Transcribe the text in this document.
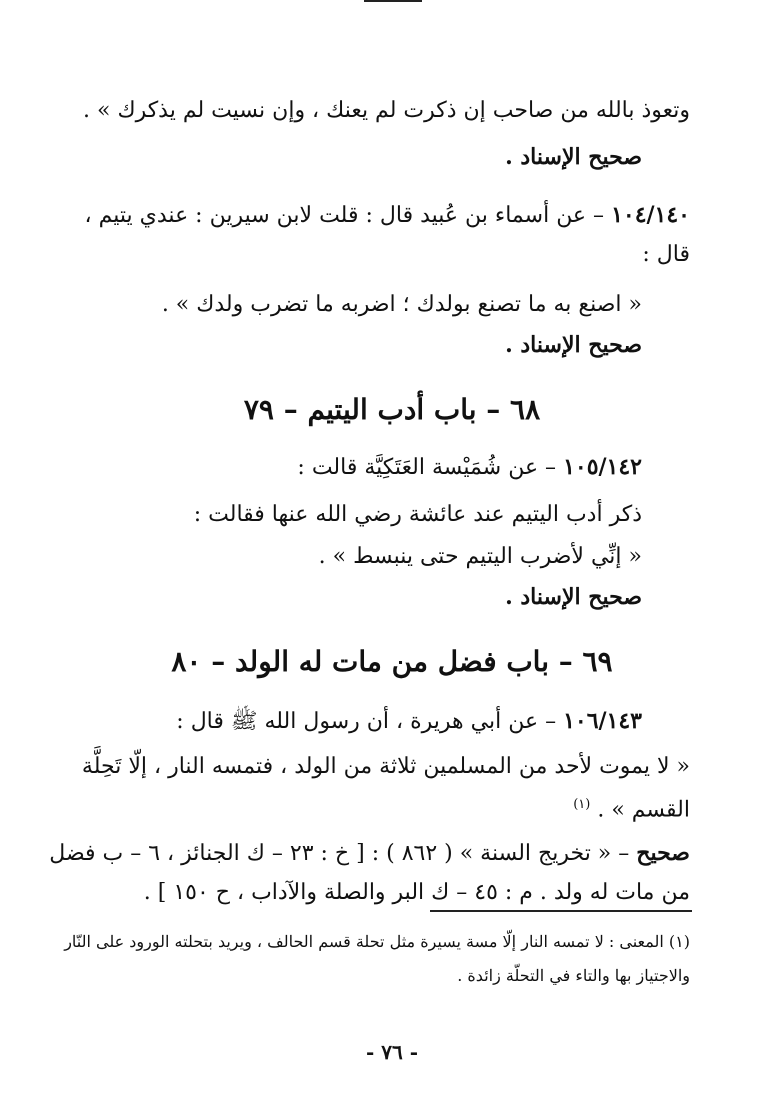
وتعوذ بالله من صاحب إن ذكرت لم يعنك ، وإن نسيت لم يذكرك » .
صحيح الإسناد .
١٠٤/١٤٠ – عن أسماء بن عُبيد قال : قلت لابن سيرين : عندي يتيم ،
قال :
« اصنع به ما تصنع بولدك ؛ اضربه ما تضرب ولدك » .
صحيح الإسناد .
٦٨ – باب أدب اليتيم – ٧٩
١٠٥/١٤٢ – عن شُمَيْسة العَتَكِيَّة قالت :
ذكر أدب اليتيم عند عائشة رضي الله عنها فقالت :
« إنِّي لأضرب اليتيم حتى ينبسط » .
صحيح الإسناد .
٦٩ – باب فضل من مات له الولد – ٨٠
١٠٦/١٤٣ – عن أبي هريرة ، أن رسول الله ﷺ قال :
« لا يموت لأحد من المسلمين ثلاثة من الولد ، فتمسه النار ، إلّا تَحِلَّة
القسم » . $^{(١)}$
صحيح – « تخريج السنة » ( ٨٦٢ ) : [ خ : ٢٣ – ك الجنائز ، ٦ – ب فضل
من مات له ولد . م : ٤٥ – ك البر والصلة والآداب ، ح ١٥٠ ] .
(١) المعنى : لا تمسه النار إلّا مسة يسيرة مثل تحلة قسم الحالف ، ويريد بتحلته الورود على النّار
والاجتياز بها والتاء في التحلّة زائدة .
- ٧٦ -
